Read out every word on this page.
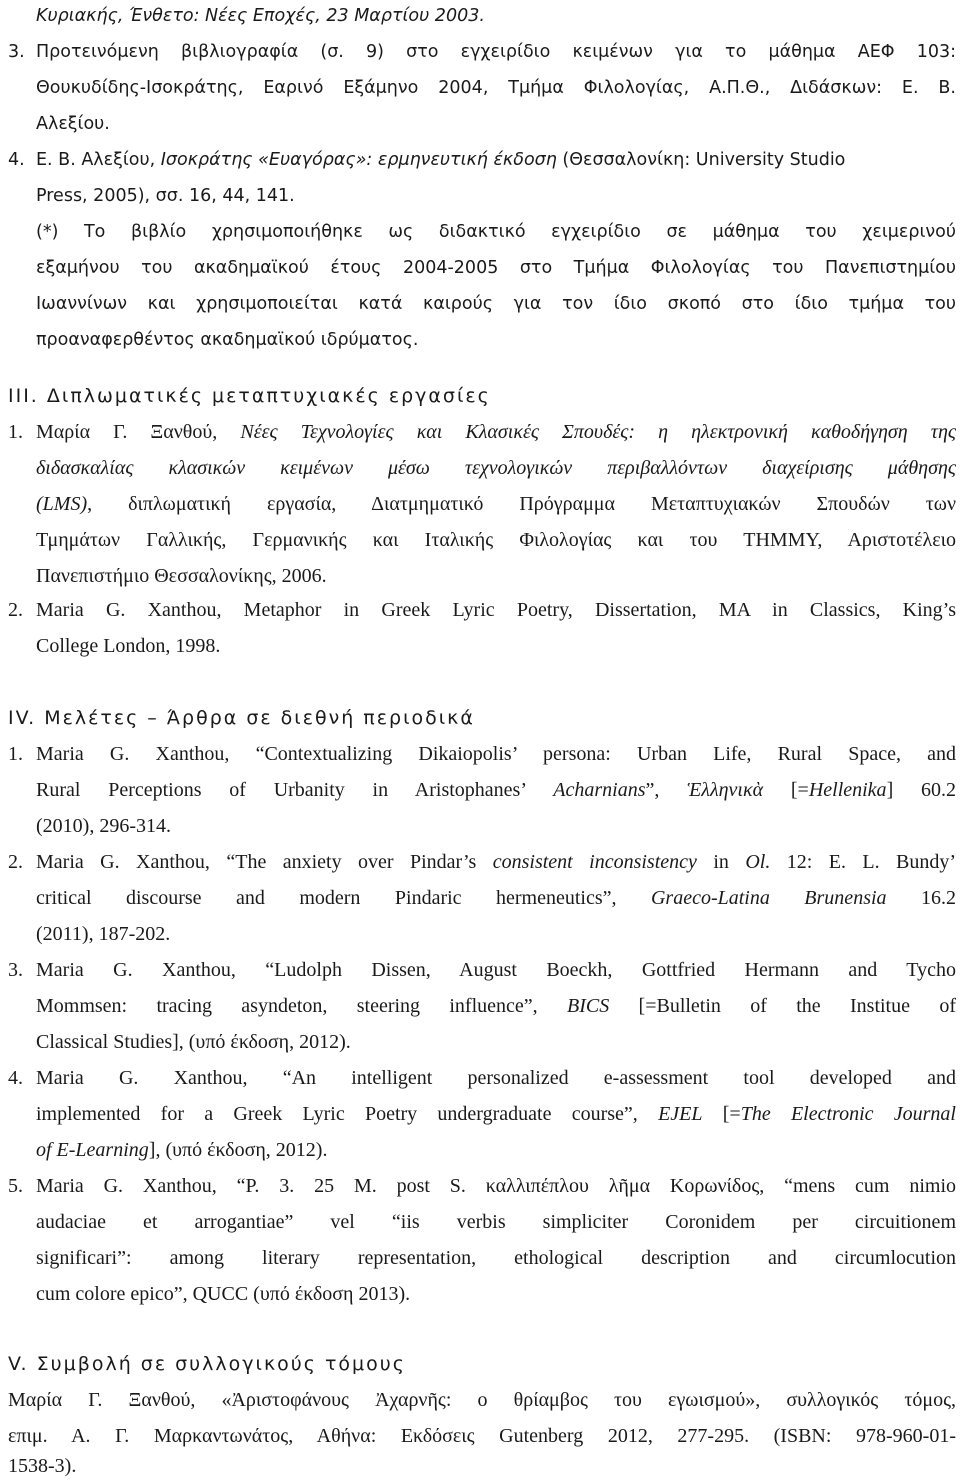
Κυριακής, Ένθετο: Νέες Εποχές, 23 Μαρτίου 2003.
3. Προτεινόμενη βιβλιογραφία (σ. 9) στο εγχειρίδιο κειμένων για το μάθημα ΑΕΦ 103:
Θουκυδίδης-Ισοκράτης, Εαρινό Εξάμηνο 2004, Τμήμα Φιλολογίας, Α.Π.Θ., Διδάσκων: Ε. Β.
Αλεξίου.
4. Ε. Β. Αλεξίου, Ισοκράτης «Ευαγόρας»: ερμηνευτική έκδοση (Θεσσαλονίκη: University Studio
Press, 2005), σσ. 16, 44, 141.
(*) Το βιβλίο χρησιμοποιήθηκε ως διδακτικό εγχειρίδιο σε μάθημα του χειμερινού
εξαμήνου του ακαδημαϊκού έτους 2004-2005 στο Τμήμα Φιλολογίας του Πανεπιστημίου
Ιωαννίνων και χρησιμοποιείται κατά καιρούς για τον ίδιο σκοπό στο ίδιο τμήμα του
προαναφερθέντος ακαδημαϊκού ιδρύματος.
III. Διπλωματικές μεταπτυχιακές εργασίες
1. Μαρία Γ. Ξανθού, Νέες Τεχνολογίες και Κλασικές Σπουδές: η ηλεκτρονική καθοδήγηση της
διδασκαλίας κλασικών κειμένων μέσω τεχνολογικών περιβαλλόντων διαχείρισης μάθησης
(LMS), διπλωματική εργασία, Διατμηματικό Πρόγραμμα Μεταπτυχιακών Σπουδών των
Τμημάτων Γαλλικής, Γερμανικής και Ιταλικής Φιλολογίας και του ΤΗΜΜΥ, Αριστοτέλειο
Πανεπιστήμιο Θεσσαλονίκης, 2006.
2. Maria G. Xanthou, Metaphor in Greek Lyric Poetry, Dissertation, MA in Classics, King’s
College London, 1998.
IV. Μελέτες – Άρθρα σε διεθνή περιοδικά
1. Maria G. Xanthou, “Contextualizing Dikaiopolis’ persona: Urban Life, Rural Space, and
Rural Perceptions of Urbanity in Aristophanes’ Acharnians”, Ἑλληνικὰ [=Hellenika] 60.2
(2010), 296-314.
2. Maria G. Xanthou, “The anxiety over Pindar’s consistent inconsistency in Ol. 12: E. L. Bundy’
critical discourse and modern Pindaric hermeneutics”, Graeco-Latina Brunensia 16.2
(2011), 187-202.
3. Maria G. Xanthou, “Ludolph Dissen, August Boeckh, Gottfried Hermann and Tycho
Mommsen: tracing asyndeton, steering influence”, BICS [=Bulletin of the Institue of
Classical Studies], (υπό έκδοση, 2012).
4. Maria G. Xanthou, “An intelligent personalized e-assessment tool developed and
implemented for a Greek Lyric Poetry undergraduate course”, EJEL [=The Electronic Journal
of E-Learning], (υπό έκδοση, 2012).
5. Maria G. Xanthou, “P. 3. 25 M. post S. καλλιπέπλου λῆμα Κορωνίδος, “mens cum nimio
audaciae et arrogantiae” vel “iis verbis simpliciter Coronidem per circuitionem
significari”: among literary representation, ethological description and circumlocution
cum colore epico”, QUCC (υπό έκδοση 2013).
V. Συμβολή σε συλλογικούς τόμους
Μαρία Γ. Ξανθού, «Ἀριστοφάνους Ἀχαρνῆς: ο θρίαμβος του εγωισμού», συλλογικός τόμος,
επιμ. Α. Γ. Μαρκαντωνάτος, Αθήνα: Εκδόσεις Gutenberg 2012, 277-295. (ISBN: 978-960-01-
1538-3).
